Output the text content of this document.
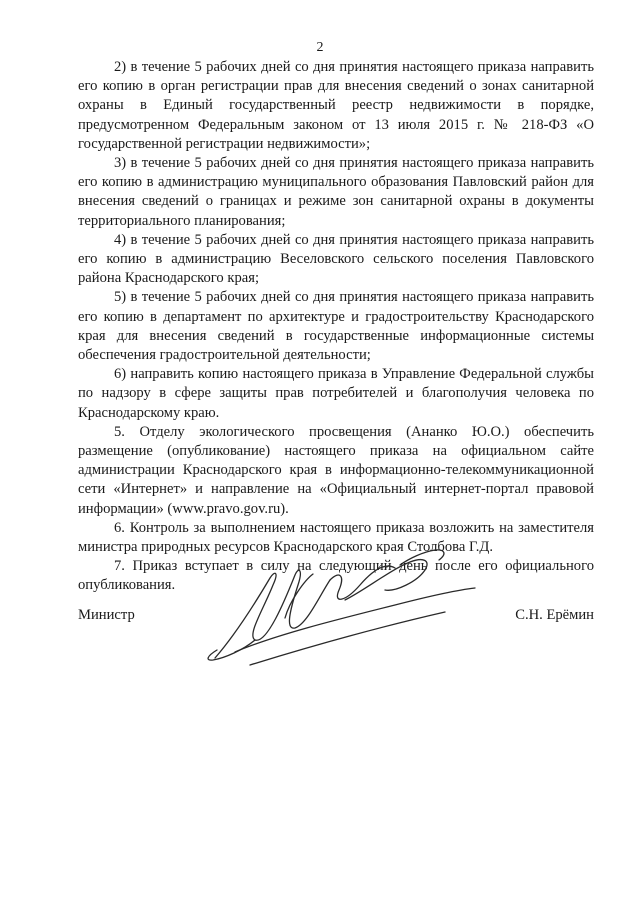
2

2) в течение 5 рабочих дней со дня принятия настоящего приказа направить его копию в орган регистрации прав для внесения сведений о зонах санитарной охраны в Единый государственный реестр недвижимости в порядке, предусмотренном Федеральным законом от 13 июля 2015 г. № 218-ФЗ «О государственной регистрации недвижимости»;

3) в течение 5 рабочих дней со дня принятия настоящего приказа направить его копию в администрацию муниципального образования Павловский район для внесения сведений о границах и режиме зон санитарной охраны в документы территориального планирования;

4) в течение 5 рабочих дней со дня принятия настоящего приказа направить его копию в администрацию Веселовского сельского поселения Павловского района Краснодарского края;

5) в течение 5 рабочих дней со дня принятия настоящего приказа направить его копию в департамент по архитектуре и градостроительству Краснодарского края для внесения сведений в государственные информационные системы обеспечения градостроительной деятельности;

6) направить копию настоящего приказа в Управление Федеральной службы по надзору в сфере защиты прав потребителей и благополучия человека по Краснодарскому краю.

5. Отделу экологического просвещения (Ананко Ю.О.) обеспечить размещение (опубликование) настоящего приказа на официальном сайте администрации Краснодарского края в информационно-телекоммуникационной сети «Интернет» и направление на «Официальный интернет-портал правовой информации» (www.pravo.gov.ru).

6. Контроль за выполнением настоящего приказа возложить на заместителя министра природных ресурсов Краснодарского края Столбова Г.Д.

7. Приказ вступает в силу на следующий день после его официального опубликования.

Министр	С.Н. Ерёмин
